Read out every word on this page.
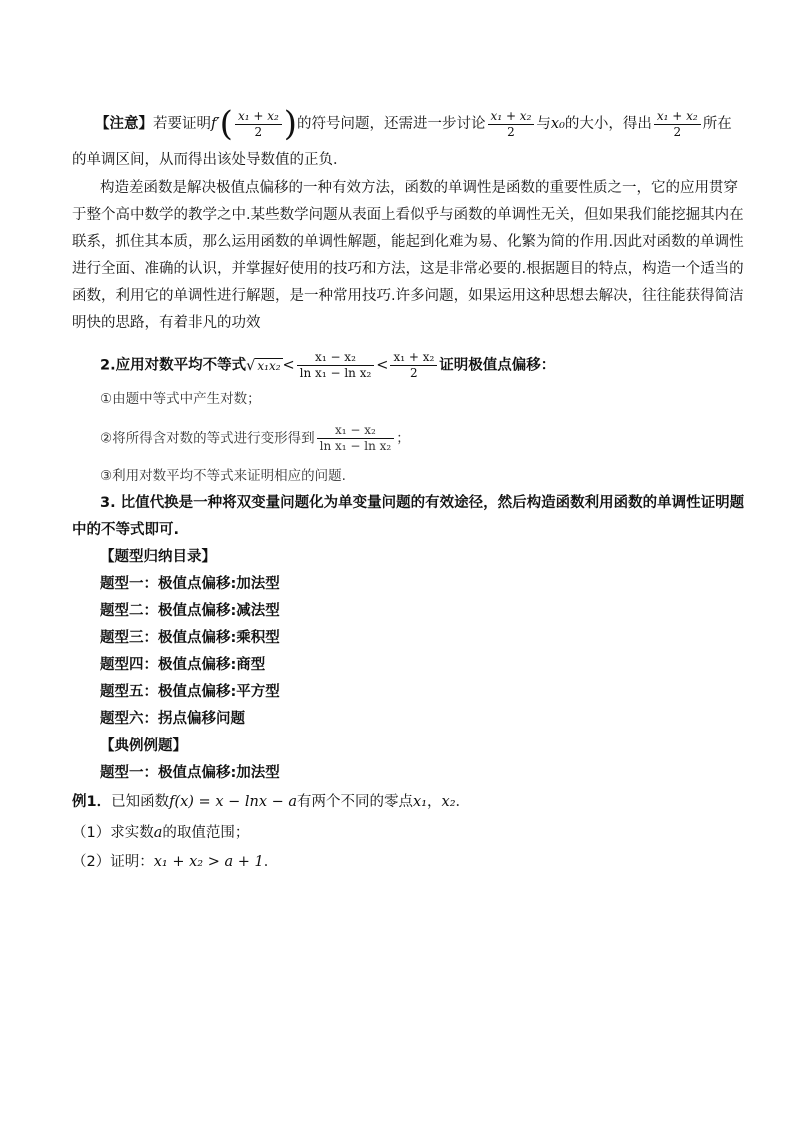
【注意】若要证明$f'( \frac{\text{x₁ + x₂}}{2}$ )的符号问题，还需进一步讨论 $\frac{\text{x₁ + x₂}}{2}$ 与x₀的大小，得出 $\frac{\text{x₁ + x₂}}{2}$ 所在
的单调区间，从而得出该处导数值的正负．
构造差函数是解决极值点偏移的一种有效方法，函数的单调性是函数的重要性质之一，它的应用贯穿
于整个高中数学的教学之中.某些数学问题从表面上看似乎与函数的单调性无关，但如果我们能挖掘其内在
联系，抓住其本质，那么运用函数的单调性解题，能起到化难为易、化繁为简的作用.因此对函数的单调性
进行全面、准确的认识，并掌握好使用的技巧和方法，这是非常必要的.根据题目的特点，构造一个适当的
函数，利用它的单调性进行解题，是一种常用技巧.许多问题，如果运用这种思想去解决，往往能获得简洁
明快的思路，有着非凡的功效
2.应用对数平均不等式√ $x_1x_2 < \frac{\text{x₁ − x₂}}{\text{ln x₁ − ln x₂}} < \frac{\text{x₁ + x₂}}{2}$ 证明极值点偏移：
①由题中等式中产生对数；
②将所得含对数的等式进行变形得到 $\frac{\text{x₁ − x₂}}{\text{ln x₁ − ln x₂}}$ ；
③利用对数平均不等式来证明相应的问题.
3. 比值代换是一种将双变量问题化为单变量问题的有效途径，然后构造函数利用函数的单调性证明题
中的不等式即可.
【题型归纳目录】
题型一：极值点偏移:加法型
题型二：极值点偏移:减法型
题型三：极值点偏移:乘积型
题型四：极值点偏移:商型
题型五：极值点偏移:平方型
题型六：拐点偏移问题
【典例例题】
题型一：极值点偏移:加法型
例1．已知函数f(x) = x − lnx − a有两个不同的零点x₁，x₂．
（1）求实数a的取值范围；
（2）证明：x₁ + x₂ > a + 1．
